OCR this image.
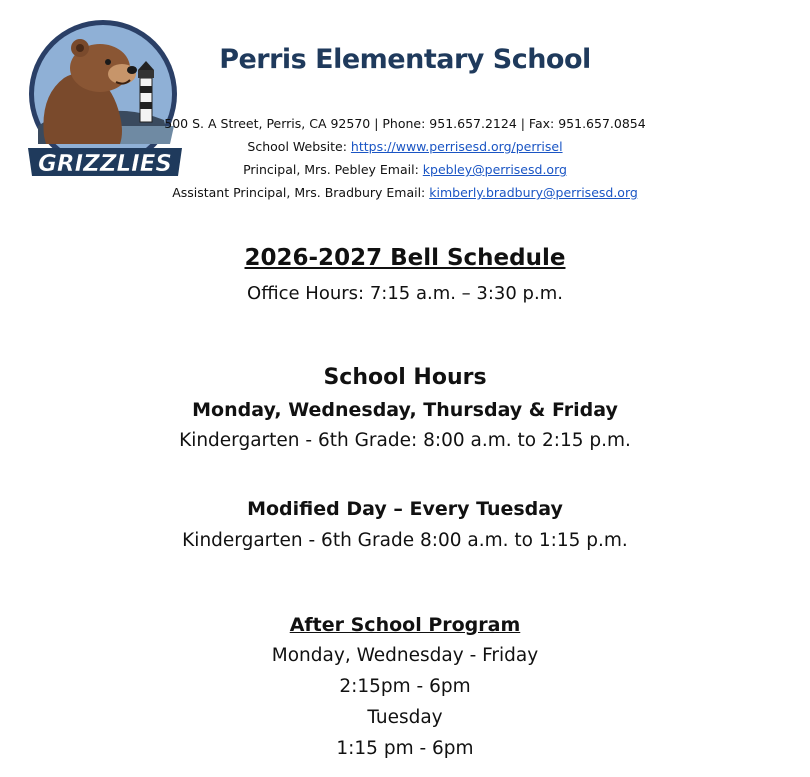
GRIZZLIES
Perris Elementary School
500 S. A Street, Perris, CA 92570 | Phone: 951.657.2124 | Fax: 951.657.0854
School Website: https://www.perrisesd.org/perrisel
Principal, Mrs. Pebley Email: kpebley@perrisesd.org
Assistant Principal, Mrs. Bradbury Email: kimberly.bradbury@perrisesd.org
2026-2027 Bell Schedule
Office Hours: 7:15 a.m. – 3:30 p.m.
School Hours
Monday, Wednesday, Thursday & Friday
Kindergarten - 6th Grade: 8:00 a.m. to 2:15 p.m.
Modified Day – Every Tuesday
Kindergarten - 6th Grade 8:00 a.m. to 1:15 p.m.
After School Program
Monday, Wednesday - Friday
2:15pm - 6pm
Tuesday
1:15 pm - 6pm
